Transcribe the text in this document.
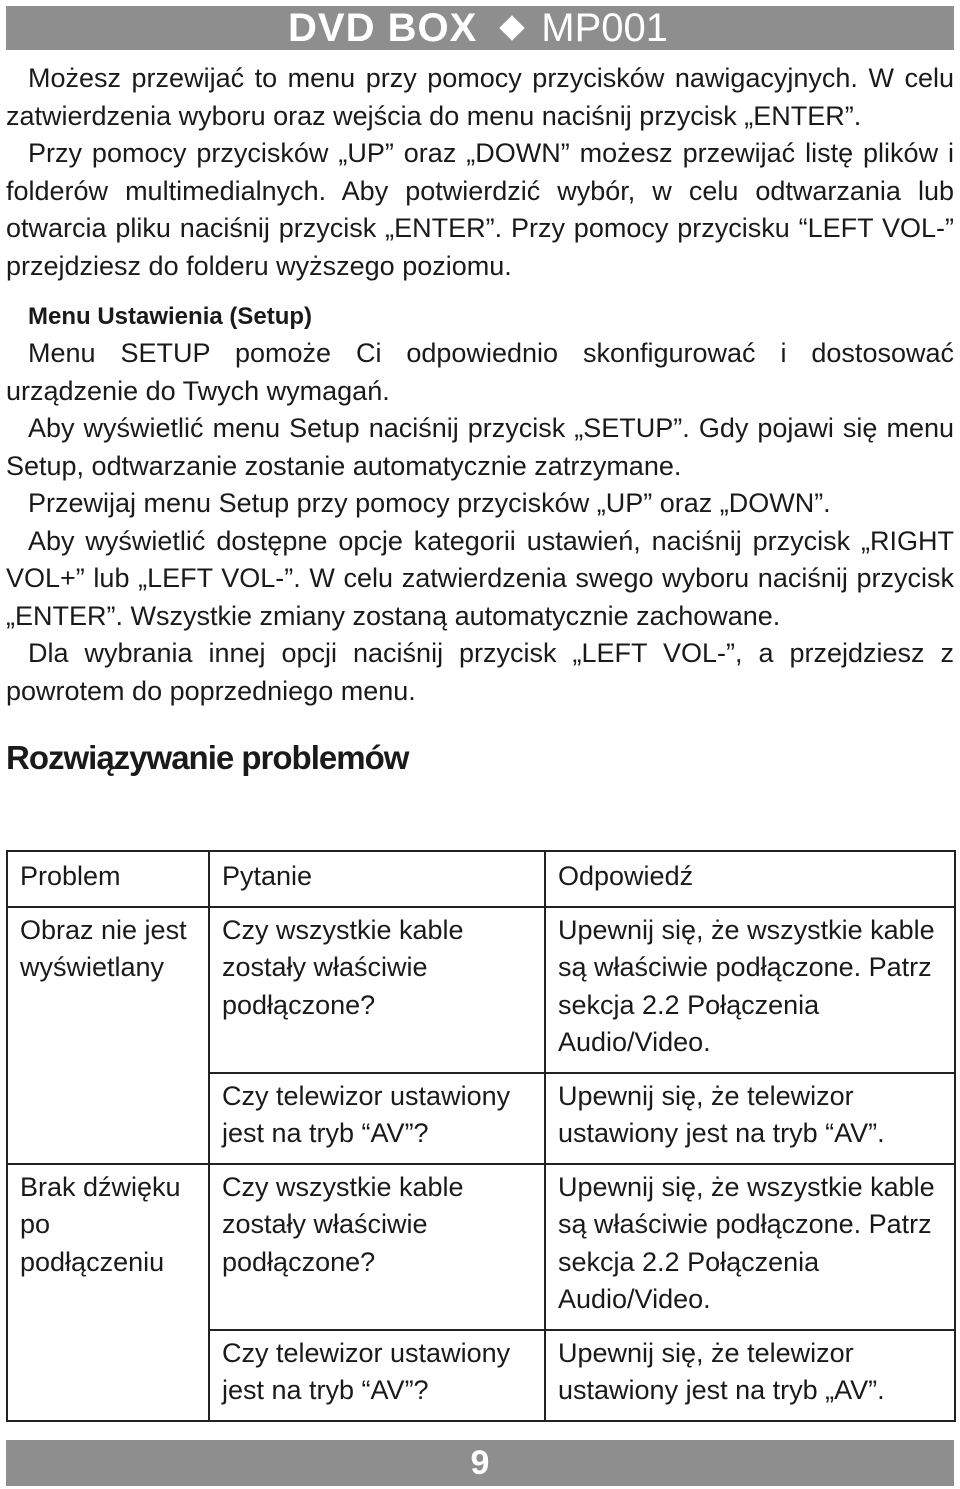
DVD BOX MP001

Możesz przewijać to menu przy pomocy przycisków nawigacyjnych. W celu zatwierdzenia wyboru oraz wejścia do menu naciśnij przycisk „ENTER”.

Przy pomocy przycisków „UP” oraz „DOWN” możesz przewijać listę plików i folderów multimedialnych. Aby potwierdzić wybór, w celu odtwarzania lub otwarcia pliku naciśnij przycisk „ENTER”. Przy pomocy przycisku “LEFT VOL-” przejdziesz do folderu wyższego poziomu.

Menu Ustawienia (Setup)

Menu SETUP pomoże Ci odpowiednio skonfigurować i dostosować urządzenie do Twych wymagań.

Aby wyświetlić menu Setup naciśnij przycisk „SETUP”. Gdy pojawi się menu Setup, odtwarzanie zostanie automatycznie zatrzymane.

Przewijaj menu Setup przy pomocy przycisków „UP” oraz „DOWN”.

Aby wyświetlić dostępne opcje kategorii ustawień, naciśnij przycisk „RIGHT VOL+” lub „LEFT VOL-”. W celu zatwierdzenia swego wyboru naciśnij przycisk „ENTER”. Wszystkie zmiany zostaną automatycznie zachowane.

Dla wybrania innej opcji naciśnij przycisk „LEFT VOL-”, a przejdziesz z powrotem do poprzedniego menu.

Rozwiązywanie problemów
Problem	Pytanie	Odpowiedź
Obraz nie jest wyświetlany	Czy wszystkie kable zostały właściwie podłączone?	Upewnij się, że wszystkie kable są właściwie podłączone. Patrz sekcja 2.2 Połączenia Audio/Video.
	Czy telewizor ustawiony jest na tryb “AV”?	Upewnij się, że telewizor ustawiony jest na tryb “AV”.
Brak dźwięku po podłączeniu	Czy wszystkie kable zostały właściwie podłączone?	Upewnij się, że wszystkie kable są właściwie podłączone. Patrz sekcja 2.2 Połączenia Audio/Video.
	Czy telewizor ustawiony jest na tryb “AV”?	Upewnij się, że telewizor ustawiony jest na tryb „AV”.
9
